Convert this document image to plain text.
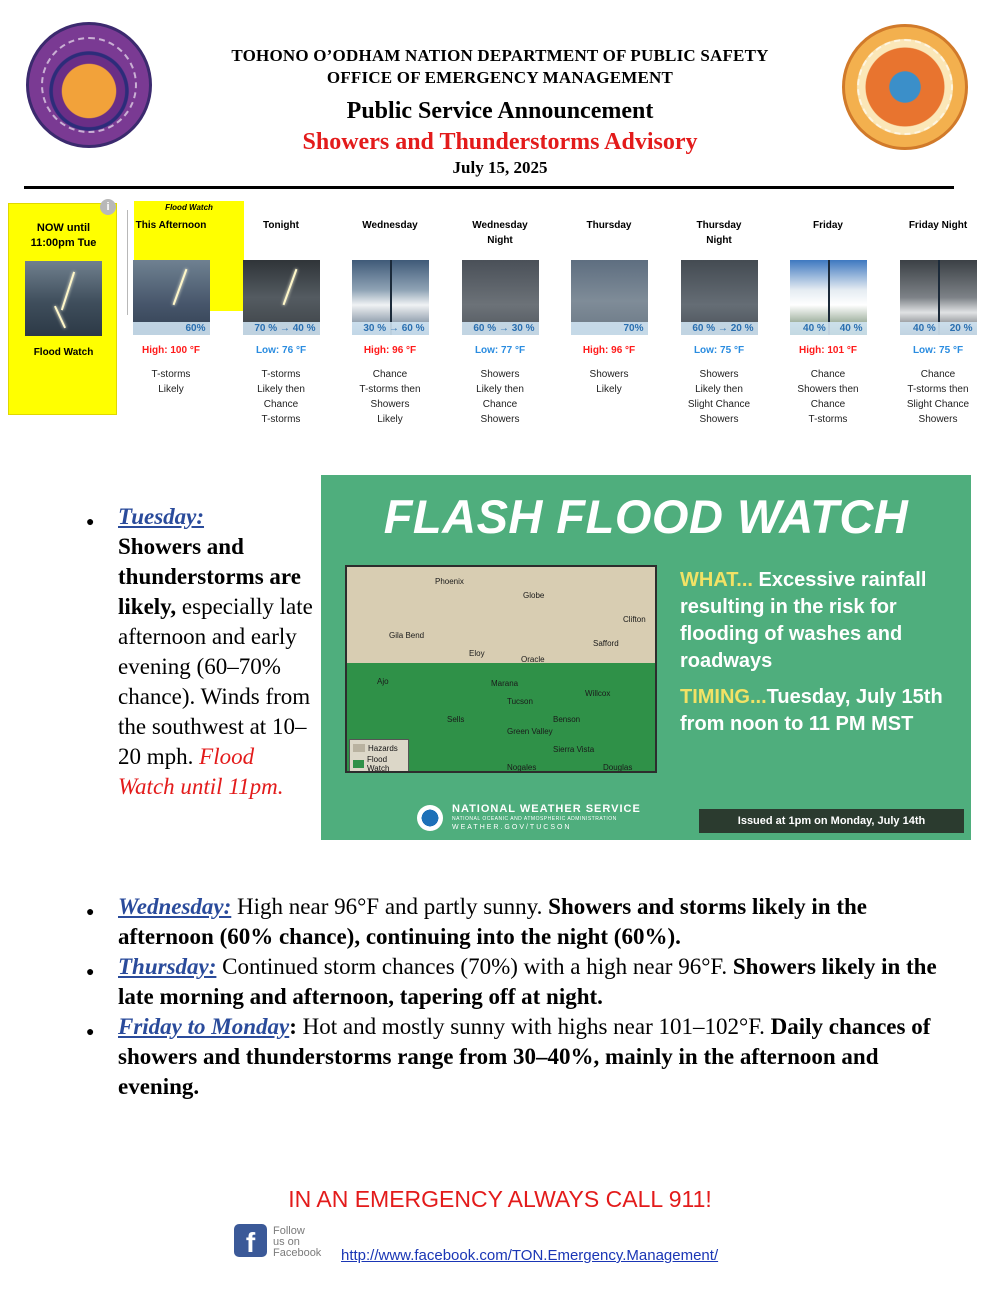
TOHONO O’ODHAM NATION DEPARTMENT OF PUBLIC SAFETY
OFFICE OF EMERGENCY MANAGEMENT
Public Service Announcement
Showers and Thunderstorms Advisory
July 15, 2025
NOW until
11:00pm Tue
Flood Watch
i	Flood Watch
This Afternoon
60%
High: 100 °F
T-storms
Likely
Tonight
70 % → 40 %
Low: 76 °F
T-storms
Likely then
Chance
T-storms
Wednesday
30 % → 60 %
High: 96 °F
Chance
T-storms then
Showers
Likely
Wednesday
Night
60 % → 30 %
Low: 77 °F
Showers
Likely then
Chance
Showers
Thursday
70%
High: 96 °F
Showers
Likely
Thursday
Night
60 % → 20 %
Low: 75 °F
Showers
Likely then
Slight Chance
Showers
Friday
40 %     40 %
High: 101 °F
Chance
Showers then
Chance
T-storms
Friday Night
40 %     20 %
Low: 75 °F
Chance
T-storms then
Slight Chance
Showers
FLASH FLOOD WATCH
Phoenix
Globe
Clifton
Gila Bend
Safford
Eloy
Oracle
Ajo	Marana
Willcox
Tucson
Sells	Benson
Green Valley
Sierra Vista
Nogales	Douglas
Hazards
Flood Watch
WHAT... Excessive rainfall resulting in the risk for flooding of washes and roadways
TIMING...Tuesday, July 15th from noon to 11 PM MST
NATIONAL WEATHER SERVICE
NATIONAL OCEANIC AND ATMOSPHERIC ADMINISTRATION
WEATHER.GOV/TUCSON
Issued at 1pm on Monday, July 14th
● Tuesday:
Showers and thunderstorms are likely, especially late afternoon and early evening (60–70% chance). Winds from the southwest at 10–20 mph. Flood Watch until 11pm.
● Wednesday: High near 96°F and partly sunny. Showers and storms likely in the afternoon (60% chance), continuing into the night (60%).
● Thursday: Continued storm chances (70%) with a high near 96°F. Showers likely in the late morning and afternoon, tapering off at night.
● Friday to Monday: Hot and mostly sunny with highs near 101–102°F. Daily chances of showers and thunderstorms range from 30–40%, mainly in the afternoon and evening.
IN AN EMERGENCY ALWAYS CALL 911!
f	Follow
us on
Facebook	http://www.facebook.com/TON.Emergency.Management/
